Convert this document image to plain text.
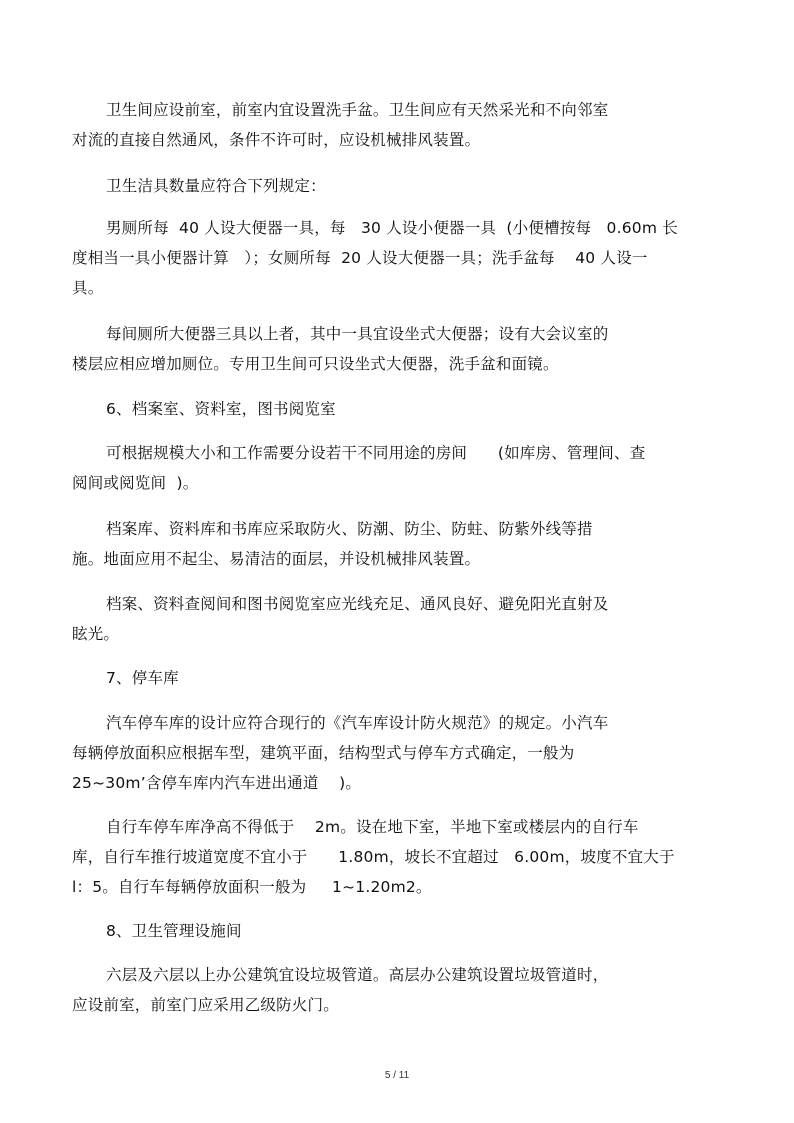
卫生间应设前室，前室内宜设置洗手盆。卫生间应有天然采光和不向邻室
对流的直接自然通风，条件不许可时，应设机械排风装置。
卫生洁具数量应符合下列规定：
男厕所每  40 人设大便器一具，每   30 人设小便器一具  (小便槽按每   0.60m 长
度相当一具小便器计算   ）；女厕所每  20 人设大便器一具；洗手盆每    40 人设一
具。
每间厕所大便器三具以上者，其中一具宜设坐式大便器；设有大会议室的
楼层应相应增加厕位。专用卫生间可只设坐式大便器，洗手盆和面镜。
6、档案室、资料室，图书阅览室
可根据规模大小和工作需要分设若干不同用途的房间      (如库房、管理间、查
阅间或阅览间  )。
档案库、资料库和书库应采取防火、防潮、防尘、防蛀、防紫外线等措
施。地面应用不起尘、易清洁的面层，并设机械排风装置。
档案、资料查阅间和图书阅览室应光线充足、通风良好、避免阳光直射及
眩光。
7、停车库
汽车停车库的设计应符合现行的《汽车库设计防火规范》的规定。小汽车
每辆停放面积应根据车型，建筑平面，结构型式与停车方式确定，一般为
25~30m’含停车库内汽车进出通道    )。
自行车停车库净高不得低于    2m。设在地下室，半地下室或楼层内的自行车
库，自行车推行坡道宽度不宜小于      1.80m，坡长不宜超过   6.00m，坡度不宜大于
l：5。自行车每辆停放面积一般为     1~1.20m2。
8、卫生管理设施间
六层及六层以上办公建筑宜设垃圾管道。高层办公建筑设置垃圾管道时，
应设前室，前室门应采用乙级防火门。
5 / 11
